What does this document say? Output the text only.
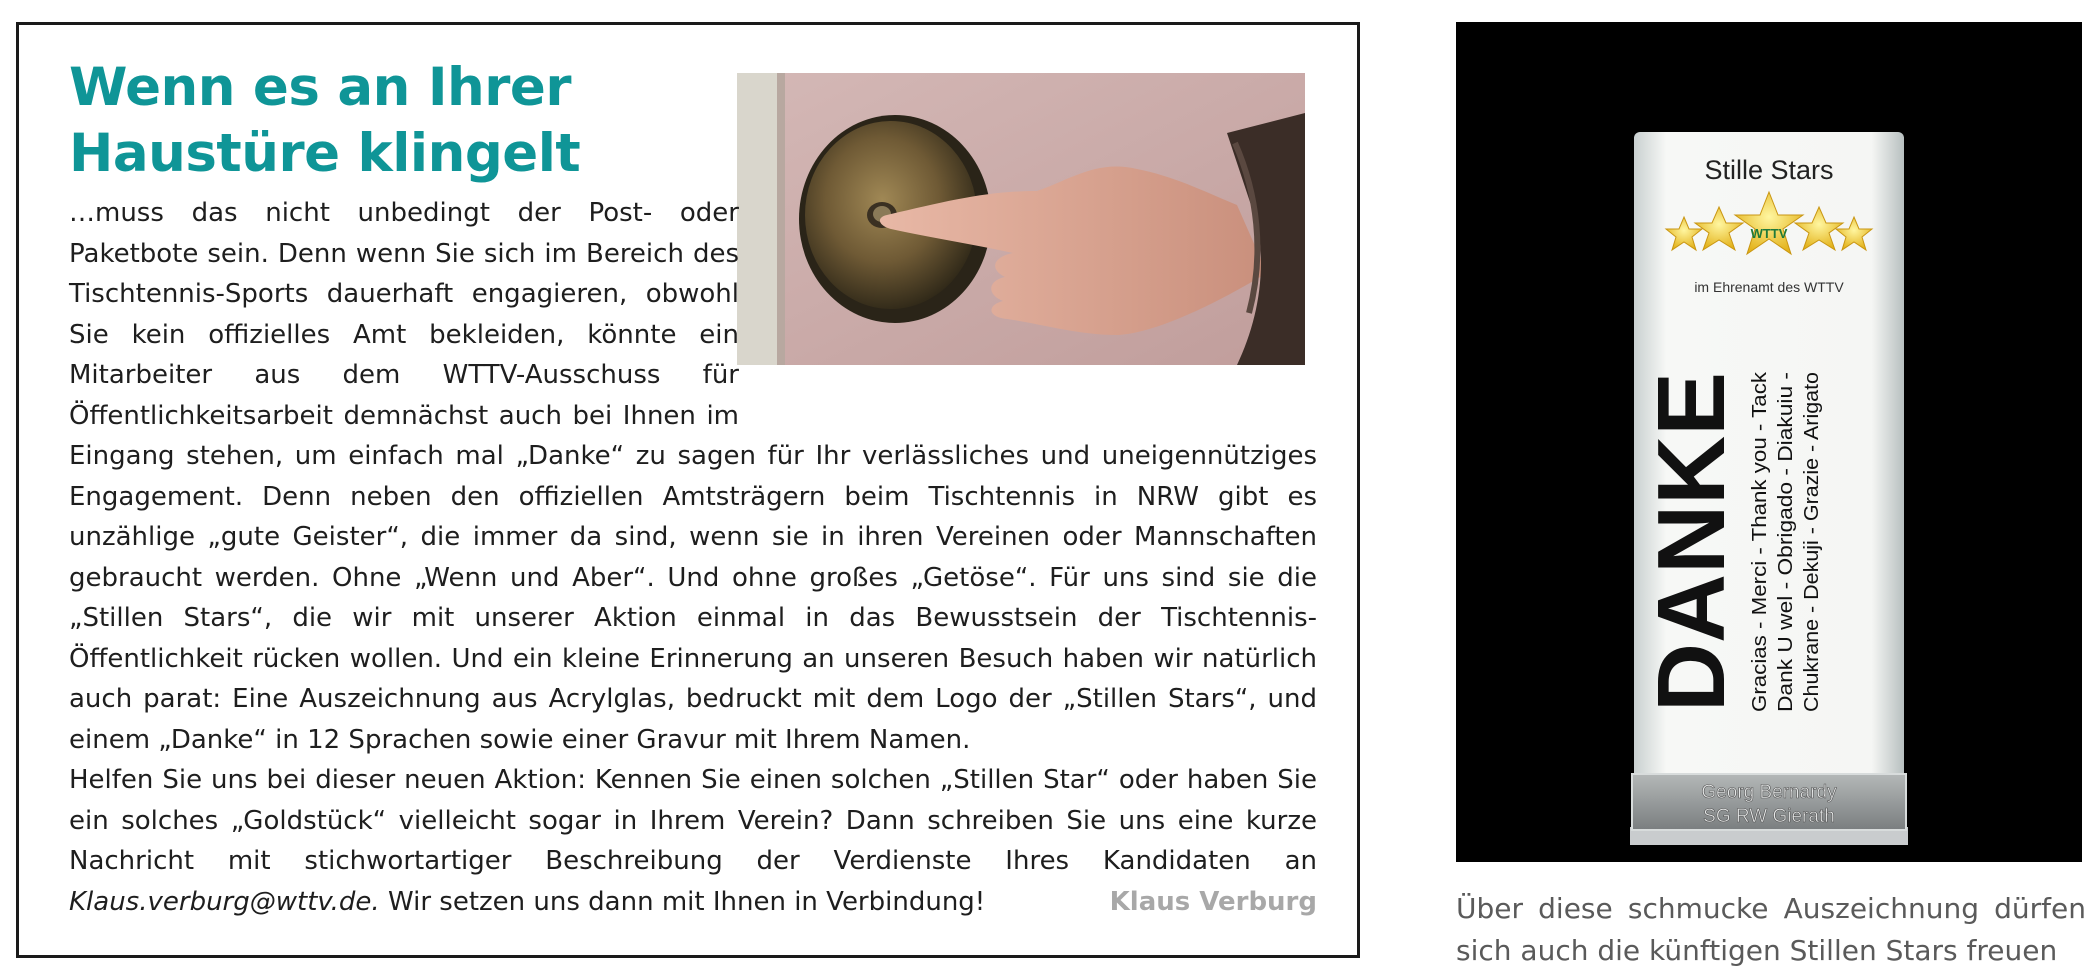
Wenn es an Ihrer
Haustüre klingelt

…muss das nicht unbedingt der Post- oder Paketbote sein. Denn wenn Sie sich im Bereich des Tischtennis-Sports dauerhaft engagieren, obwohl Sie kein offizielles Amt bekleiden, könnte ein Mitarbeiter aus dem WTTV-Ausschuss für Öffentlichkeitsarbeit demnächst auch bei Ihnen im Eingang stehen, um einfach mal „Danke“ zu sagen für Ihr verlässliches und uneigennütziges Engagement. Denn neben den offiziellen Amtsträgern beim Tischtennis in NRW gibt es unzählige „gute Geister“, die immer da sind, wenn sie in ihren Vereinen oder Mannschaften gebraucht werden. Ohne „Wenn und Aber“. Und ohne großes „Getöse“. Für uns sind sie die „Stillen Stars“, die wir mit unserer Aktion einmal in das Bewusstsein der Tischtennis-Öffentlichkeit rücken wollen. Und ein kleine Erinnerung an unseren Besuch haben wir natürlich auch parat: Eine Auszeichnung aus Acrylglas, bedruckt mit dem Logo der „Stillen Stars“, und einem „Danke“ in 12 Sprachen sowie einer Gravur mit Ihrem Namen.

Helfen Sie uns bei dieser neuen Aktion: Kennen Sie einen solchen „Stillen Star“ oder haben Sie ein solches „Goldstück“ vielleicht sogar in Ihrem Verein? Dann schreiben Sie uns eine kurze Nachricht mit stichwortartiger Beschreibung der Verdienste Ihres Kandidaten an Klaus.verburg@wttv.de. Wir setzen uns dann mit Ihnen in Verbindung!	Klaus Verburg

Stille Stars
WTTV
im Ehrenamt des WTTV
DANKE Gracias - Merci - Thank you - Tack Dank U wel - Obrigado - Diakuiu - Chukrane - Dekuji - Grazie - Arigato
Georg Bernardy
SG RW Gierath
Über diese schmucke Auszeichnung dürfen sich auch die künftigen Stillen Stars freuen
